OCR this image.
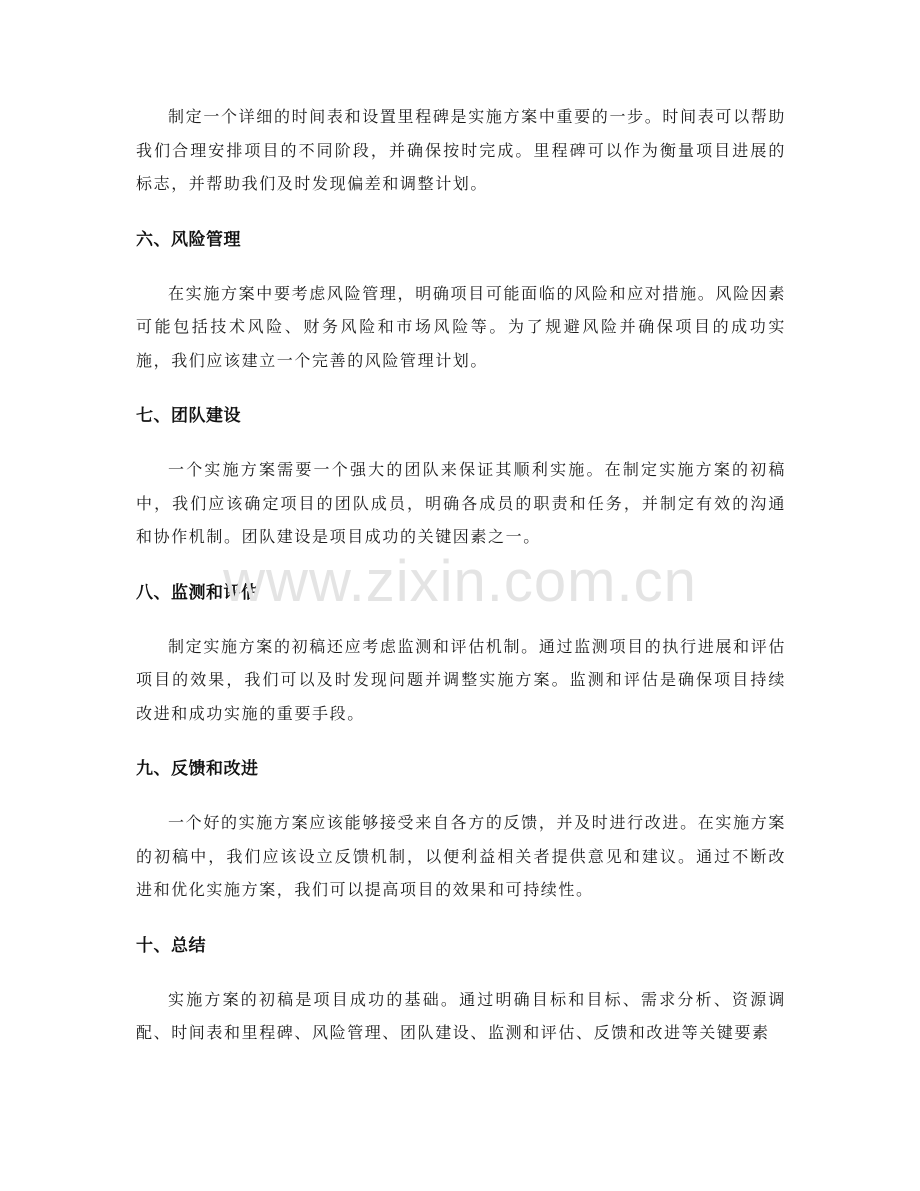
制定一个详细的时间表和设置里程碑是实施方案中重要的一步。时间表可以帮助我们合理安排项目的不同阶段，并确保按时完成。里程碑可以作为衡量项目进展的标志，并帮助我们及时发现偏差和调整计划。

六、风险管理

在实施方案中要考虑风险管理，明确项目可能面临的风险和应对措施。风险因素可能包括技术风险、财务风险和市场风险等。为了规避风险并确保项目的成功实施，我们应该建立一个完善的风险管理计划。

七、团队建设

一个实施方案需要一个强大的团队来保证其顺利实施。在制定实施方案的初稿中，我们应该确定项目的团队成员，明确各成员的职责和任务，并制定有效的沟通和协作机制。团队建设是项目成功的关键因素之一。

八、监测和评估

制定实施方案的初稿还应考虑监测和评估机制。通过监测项目的执行进展和评估项目的效果，我们可以及时发现问题并调整实施方案。监测和评估是确保项目持续改进和成功实施的重要手段。

九、反馈和改进

一个好的实施方案应该能够接受来自各方的反馈，并及时进行改进。在实施方案的初稿中，我们应该设立反馈机制，以便利益相关者提供意见和建议。通过不断改进和优化实施方案，我们可以提高项目的效果和可持续性。

十、总结

实施方案的初稿是项目成功的基础。通过明确目标和目标、需求分析、资源调配、时间表和里程碑、风险管理、团队建设、监测和评估、反馈和改进等关键要素

www.zixin.com.cn
